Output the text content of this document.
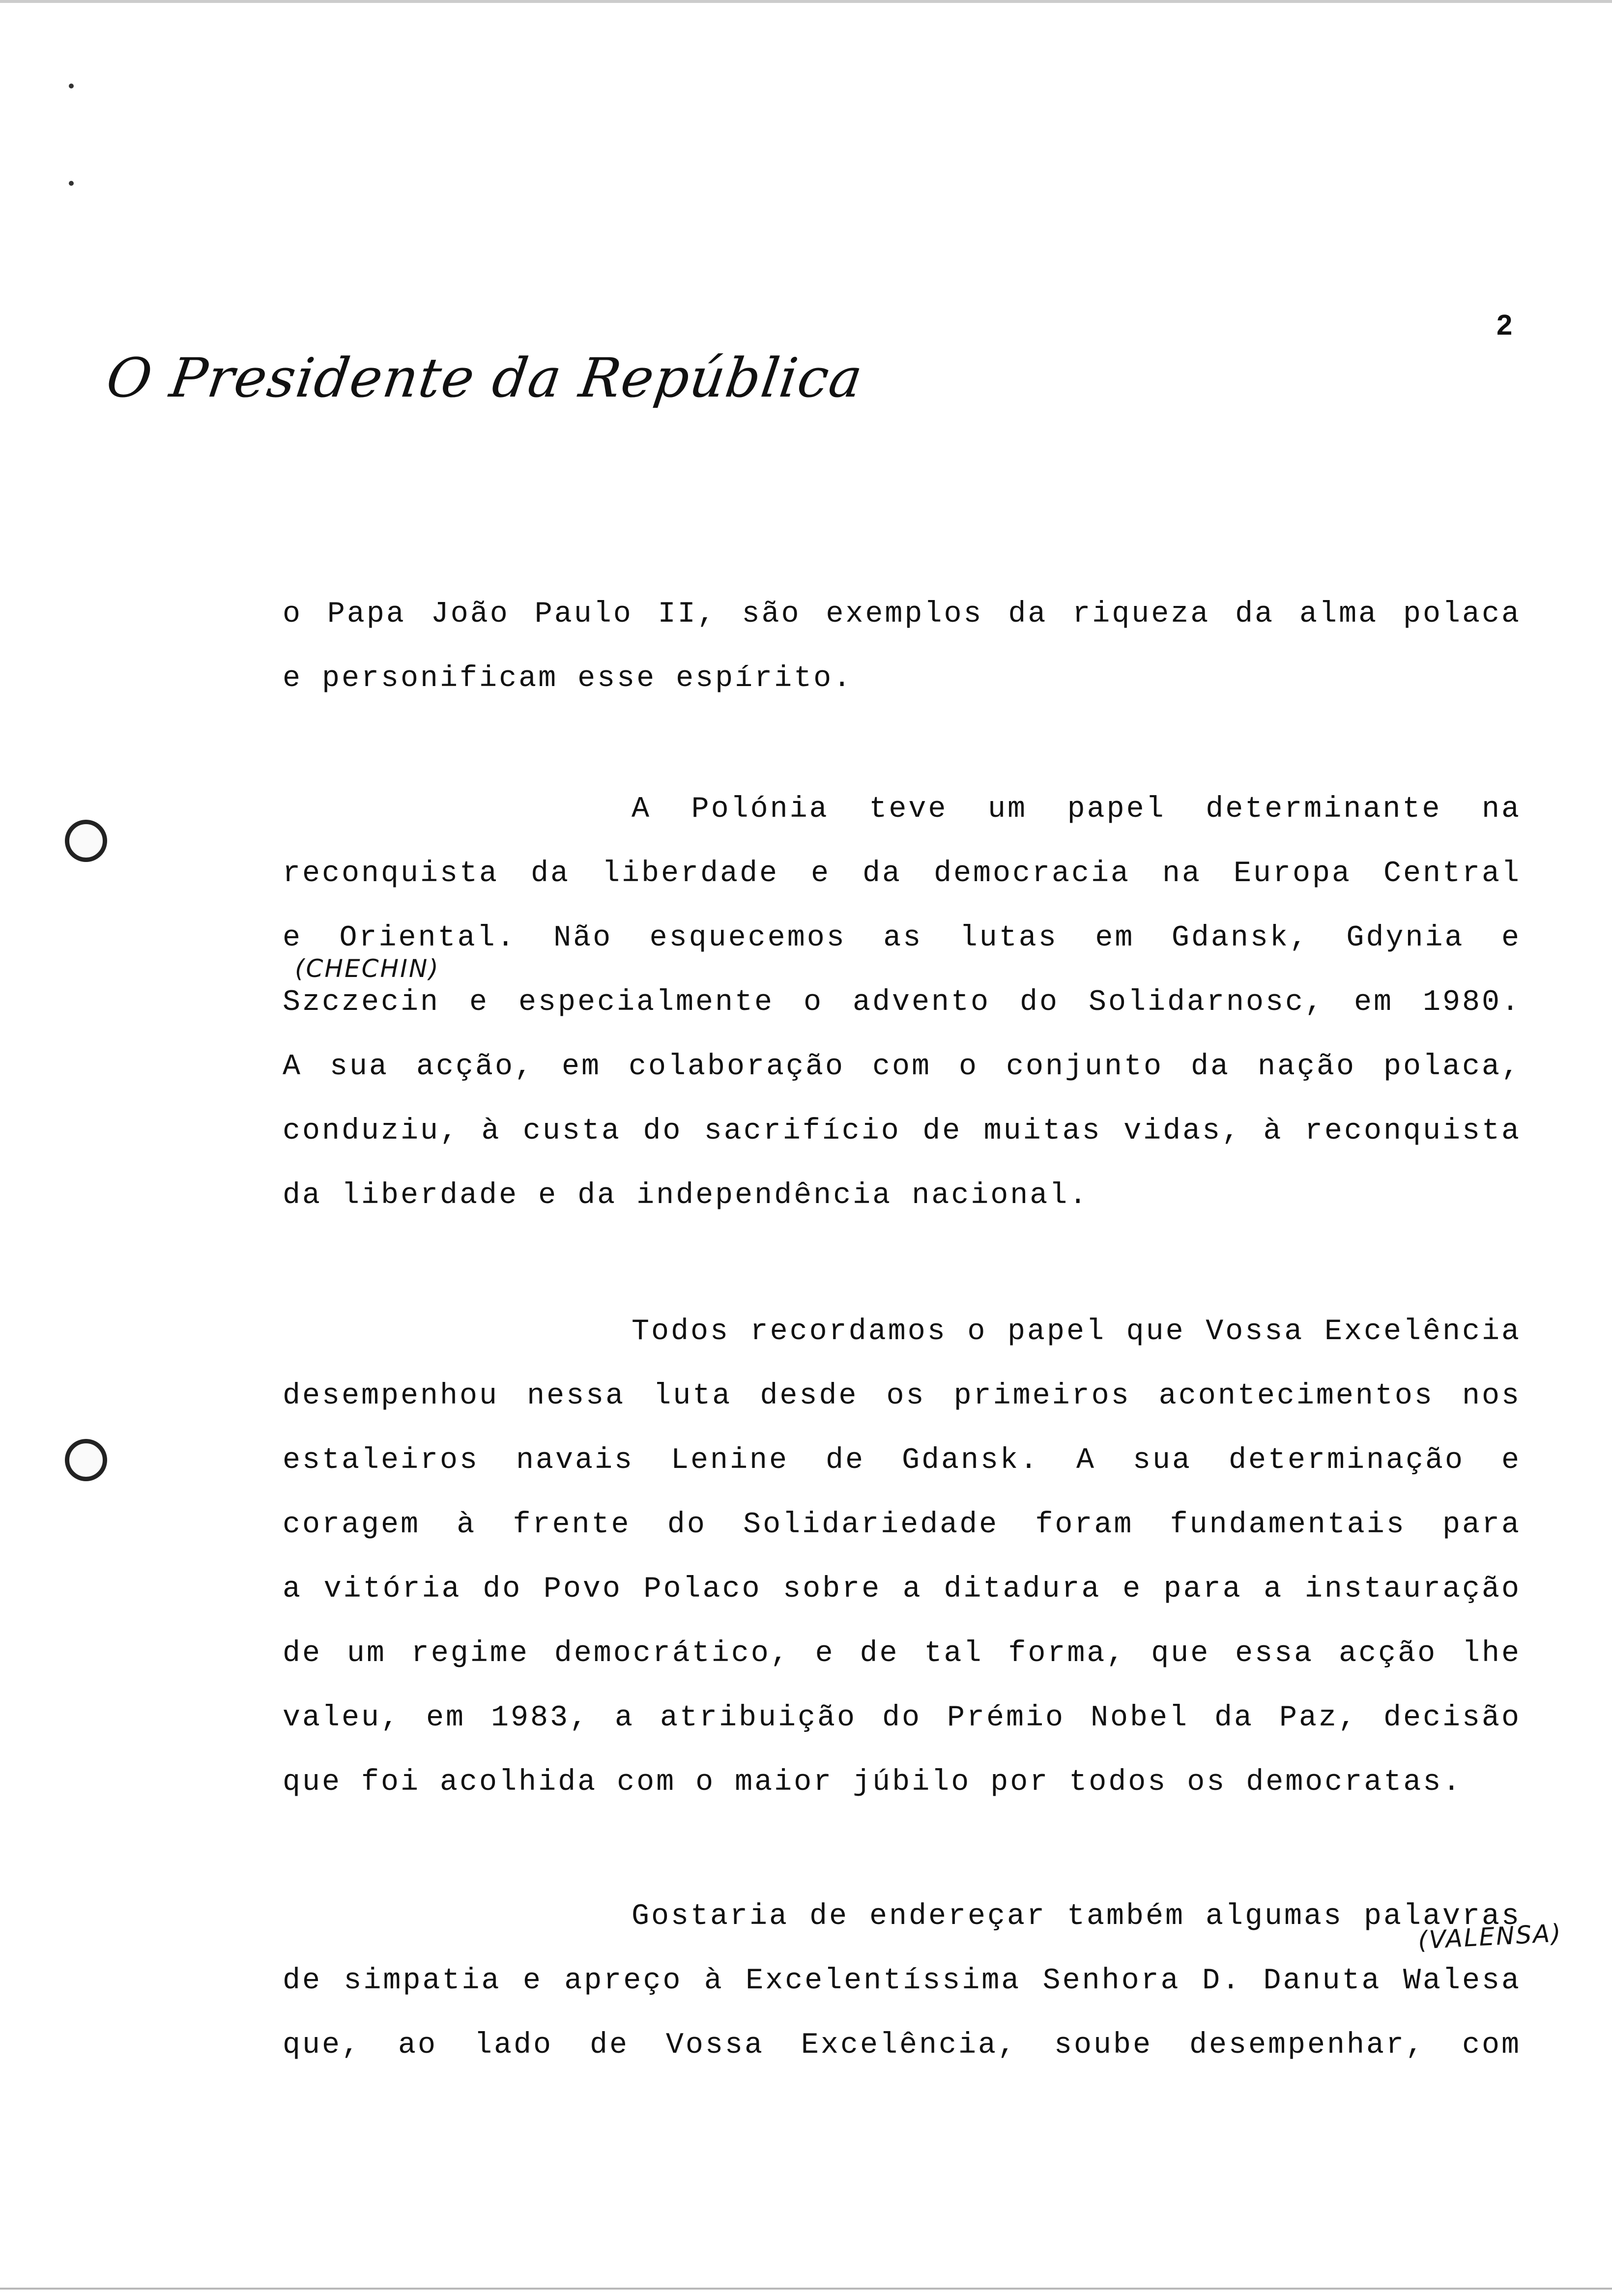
O Presidente da República
2
o Papa João Paulo II, são exemplos da riqueza da alma polaca
e personificam esse espírito.
A Polónia teve um papel determinante na
reconquista da liberdade e da democracia na Europa Central
e Oriental. Não esquecemos as lutas em Gdansk, Gdynia e
Szczecin e especialmente o advento do Solidarnosc, em 1980.
A sua acção, em colaboração com o conjunto da nação polaca,
conduziu, à custa do sacrifício de muitas vidas, à reconquista
da liberdade e da independência nacional.
Todos recordamos o papel que Vossa Excelência
desempenhou nessa luta desde os primeiros acontecimentos nos
estaleiros navais Lenine de Gdansk. A sua determinação e
coragem à frente do Solidariedade foram fundamentais para
a vitória do Povo Polaco sobre a ditadura e para a instauração
de um regime democrático, e de tal forma, que essa acção lhe
valeu, em 1983, a atribuição do Prémio Nobel da Paz, decisão
que foi acolhida com o maior júbilo por todos os democratas.
Gostaria de endereçar também algumas palavras
de simpatia e apreço à Excelentíssima Senhora D. Danuta Walesa
que, ao lado de Vossa Excelência, soube desempenhar, com
(CHECHIN)
(VALENSA)
